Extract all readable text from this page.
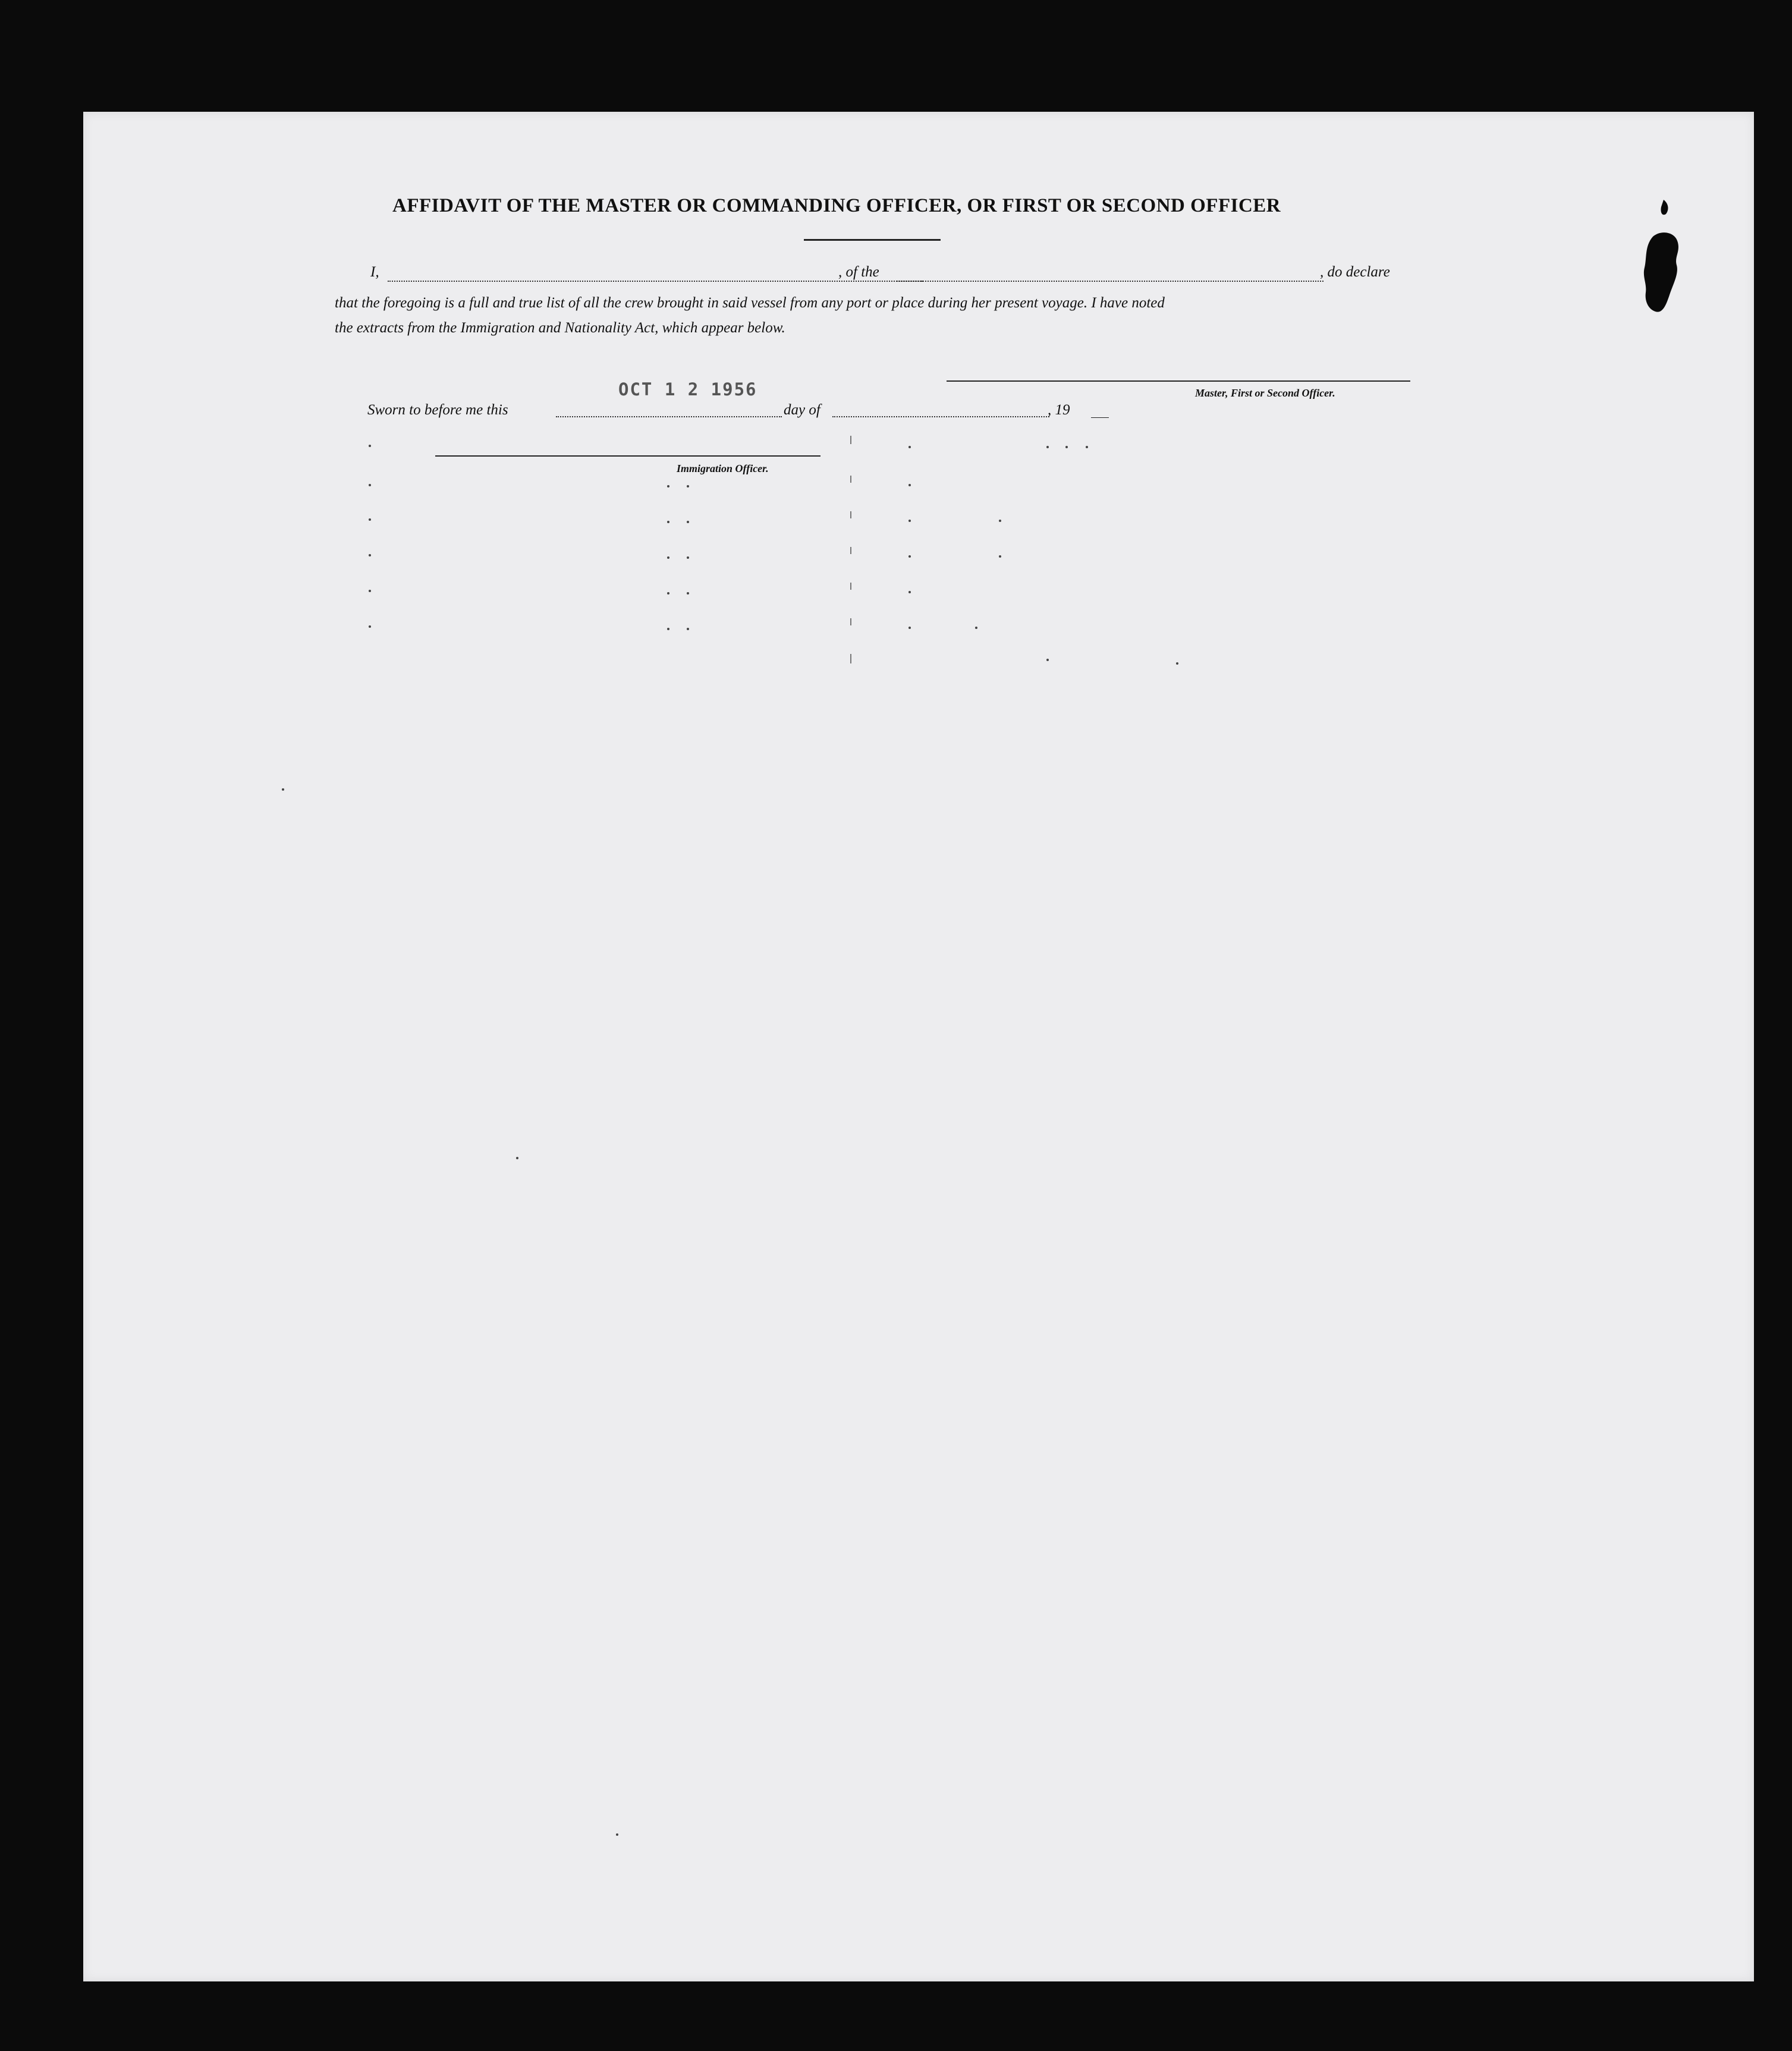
AFFIDAVIT OF THE MASTER OR COMMANDING OFFICER, OR FIRST OR SECOND OFFICER
I,	, of the	, do declare
that the foregoing is a full and true list of all the crew brought in said vessel from any port or place during her present voyage. I have noted
the extracts from the Immigration and Nationality Act, which appear below.
Master, First or Second Officer.
OCT 1 2 1956
Sworn to before me this	day of	, 19
Immigration Officer.
